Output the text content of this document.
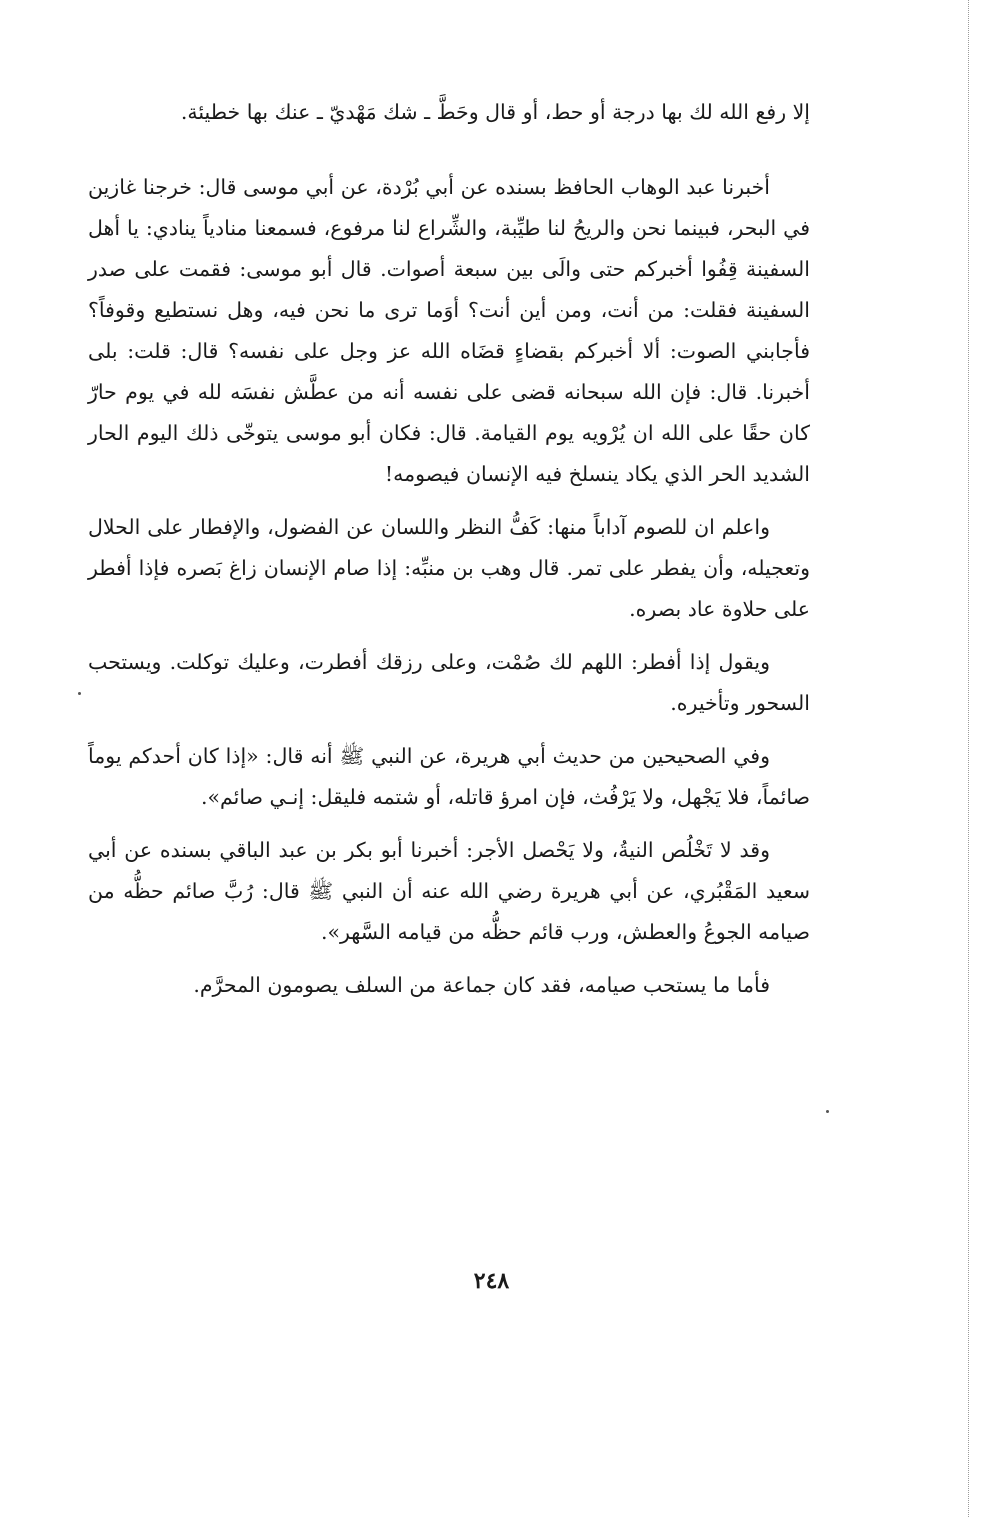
إلا رفع الله لك بها درجة أو حط، أو قال وحَطَّ ـ شك مَهْديّ ـ عنك بها خطيئة.

أخبرنا عبد الوهاب الحافظ بسنده عن أبي بُرْدة، عن أبي موسى قال: خرجنا غازين في البحر، فبينما نحن والريحُ لنا طيِّبة، والشِّراع لنا مرفوع، فسمعنا منادياً ينادي: يا أهل السفينة قِفُوا أخبركم حتى والَى بين سبعة أصوات. قال أبو موسى: فقمت على صدر السفينة فقلت: من أنت، ومن أين أنت؟ أوَما ترى ما نحن فيه، وهل نستطيع وقوفاً؟ فأجابني الصوت: ألا أخبركم بقضاءٍ قضَاه الله عز وجل على نفسه؟ قال: قلت: بلى أخبرنا. قال: فإن الله سبحانه قضى على نفسه أنه من عطَّش نفسَه لله في يوم حارّ كان حقًا على الله ان يُرْويه يوم القيامة. قال: فكان أبو موسى يتوخّى ذلك اليوم الحار الشديد الحر الذي يكاد ينسلخ فيه الإنسان فيصومه!

واعلم ان للصوم آداباً منها: كَفُّ النظر واللسان عن الفضول، والإفطار على الحلال وتعجيله، وأن يفطر على تمر. قال وهب بن منبِّه: إذا صام الإنسان زاغ بَصره فإذا أفطر على حلاوة عاد بصره.

ويقول إذا أفطر: اللهم لك صُمْت، وعلى رزقك أفطرت، وعليك توكلت. ويستحب السحور وتأخيره.

وفي الصحيحين من حديث أبي هريرة، عن النبي ﷺ أنه قال: «إذا كان أحدكم يوماً صائماً، فلا يَجْهل، ولا يَرْفُث، فإن امرؤ قاتله، أو شتمه فليقل: إنـي صائم».

وقد لا تَخْلُص النيةُ، ولا يَحْصل الأجر: أخبرنا أبو بكر بن عبد الباقي بسنده عن أبي سعيد المَقْبُري، عن أبي هريرة رضي الله عنه أن النبي ﷺ قال: رُبَّ صائم حظُّه من صيامه الجوعُ والعطش، ورب قائم حظُّه من قيامه السَّهر».

فأما ما يستحب صيامه، فقد كان جماعة من السلف يصومون المحرَّم.

٢٤٨
